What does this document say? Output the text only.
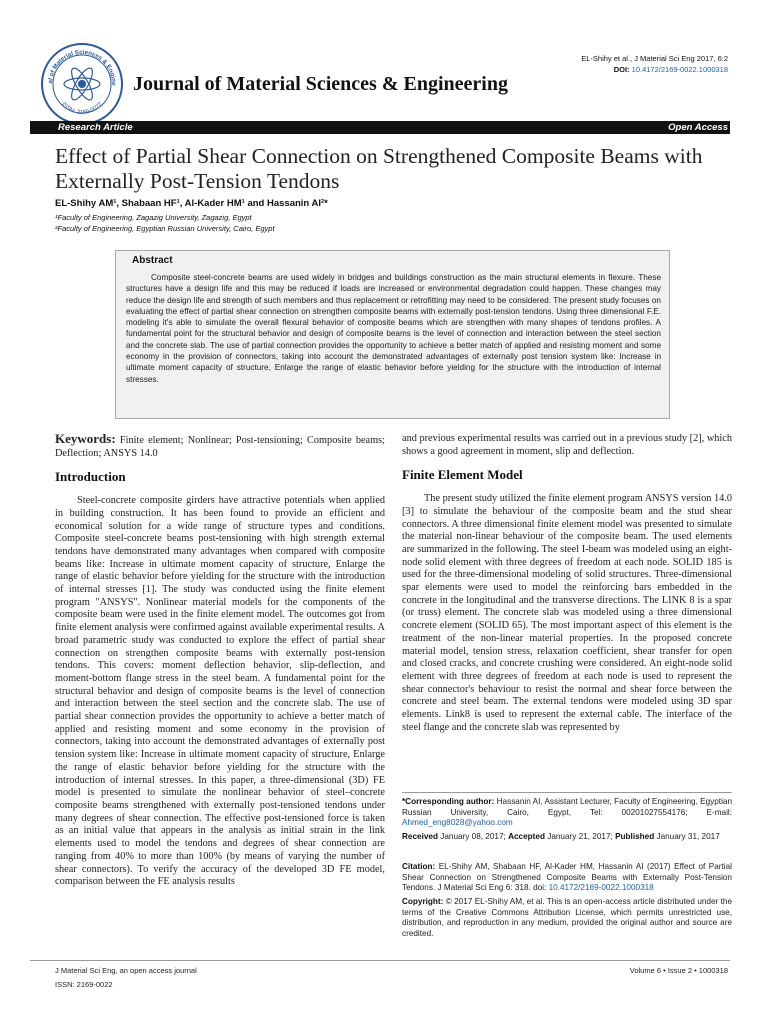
al of Material Sciences & Engine
ISSN: 2169-0022
Journal of Material Sciences & Engineering
EL-Shihy et al., J Material Sci Eng 2017, 6:2
DOI: 10.4172/2169-0022.1000318
Research Article	Open Access
Effect of Partial Shear Connection on Strengthened Composite Beams with Externally Post-Tension Tendons
EL-Shihy AM¹, Shabaan HF¹, Al-Kader HM¹ and Hassanin AI²*
¹Faculty of Engineering, Zagazig University, Zagazig, Egypt
²Faculty of Engineering, Egyptian Russian University, Cairo, Egypt
Abstract
Composite steel-concrete beams are used widely in bridges and buildings construction as the main structural elements in flexure. These structures have a design life and this may be reduced if loads are increased or environmental degradation could happen. These changes may reduce the design life and strength of such members and thus replacement or retrofitting may need to be considered. The present study focuses on evaluating the effect of partial shear connection on strengthen composite beams with externally post-tension tendons. Using three dimensional F.E. modeling it's able to simulate the overall flexural behavior of composite beams which are strengthen with many shapes of tendons profiles. A fundamental point for the structural behavior and design of composite beams is the level of connection and interaction between the steel section and the concrete slab. The use of partial connection provides the opportunity to achieve a better match of applied and resisting moment and some economy in the provision of connectors, taking into account the demonstrated advantages of externally post tension system like: Increase in ultimate moment capacity of structure, Enlarge the range of elastic behavior before yielding for the structure with the introduction of internal stresses.
Keywords: Finite element; Nonlinear; Post-tensioning; Composite beams; Deflection; ANSYS 14.0
Introduction

Steel-concrete composite girders have attractive potentials when applied in building construction. It has been found to provide an efficient and economical solution for a wide range of structure types and conditions. Composite steel-concrete beams post-tensioning with high strength external tendons have demonstrated many advantages when compared with composite beams like: Increase in ultimate moment capacity of structure, Enlarge the range of elastic behavior before yielding for the structure with the introduction of internal stresses [1]. The study was conducted using the finite element program "ANSYS". Nonlinear material models for the components of the composite beam were used in the finite element model. The outcomes got from finite element analysis were confirmed against available experimental results. A broad parametric study was conducted to explore the effect of partial shear connection on strengthen composite beams with externally post-tension tendons. This covers: moment deflection behavior, slip-deflection, and moment-bottom flange stress in the steel beam. A fundamental point for the structural behavior and design of composite beams is the level of connection and interaction between the steel section and the concrete slab. The use of partial shear connection provides the opportunity to achieve a better match of applied and resisting moment and some economy in the provision of connectors, taking into account the demonstrated advantages of externally post tension system like: Increase in ultimate moment capacity of structure, Enlarge the range of elastic behavior before yielding for the structure with the introduction of internal stresses. In this paper, a three-dimensional (3D) FE model is presented to simulate the nonlinear behavior of steel–concrete composite beams strengthened with externally post-tensioned tendons under many degrees of shear connection. The effective post-tensioned force is taken as an initial value that appears in the analysis as initial strain in the link elements used to model the tendons and degrees of shear connection are ranging from 40% to more than 100% (by means of varying the number of shear connectors). To verify the accuracy of the developed 3D FE model, comparison between the FE analysis results

and previous experimental results was carried out in a previous study [2], which shows a good agreement in moment, slip and deflection.

Finite Element Model

The present study utilized the finite element program ANSYS version 14.0 [3] to simulate the behaviour of the composite beam and the stud shear connectors. A three dimensional finite element model was presented to simulate the material non-linear behaviour of the composite beam. The used elements are summarized in the following. The steel I-beam was modeled using an eight-node solid element with three degrees of freedom at each node. SOLID 185 is used for the three-dimensional modeling of solid structures. Three-dimensional spar elements were used to model the reinforcing bars embedded in the concrete in the longitudinal and the transverse directions. The LINK 8 is a spar (or truss) element. The concrete slab was modeled using a three dimensional concrete element (SOLID 65). The most important aspect of this element is the treatment of the non-linear material properties. In the proposed concrete material model, tension stress, relaxation coefficient, shear transfer for open and closed cracks, and concrete crushing were considered. An eight-node solid element with three degrees of freedom at each node is used to represent the shear connector's behaviour to resist the normal and shear force between the concrete and steel beam. The external tendons were modeled using 3D spar elements. Link8 is used to represent the external cable. The interface of the steel flange and the concrete slab was represented by

*Corresponding author: Hassanin AI, Assistant Lecturer, Faculty of Engineering, Egyptian Russian University, Cairo, Egypt, Tel: 00201027554176; E-mail: Ahmed_eng8028@yahoo.com
Received January 08, 2017; Accepted January 21, 2017; Published January 31, 2017
Citation: EL-Shihy AM, Shabaan HF, Al-Kader HM, Hassanin AI (2017) Effect of Partial Shear Connection on Strengthened Composite Beams with Externally Post-Tension Tendons. J Material Sci Eng 6: 318. doi: 10.4172/2169-0022.1000318
Copyright: © 2017 EL-Shihy AM, et al. This is an open-access article distributed under the terms of the Creative Commons Attribution License, which permits unrestricted use, distribution, and reproduction in any medium, provided the original author and source are credited.
J Material Sci Eng, an open access journal
ISSN: 2169-0022
Volume 6 • Issue 2 • 1000318
